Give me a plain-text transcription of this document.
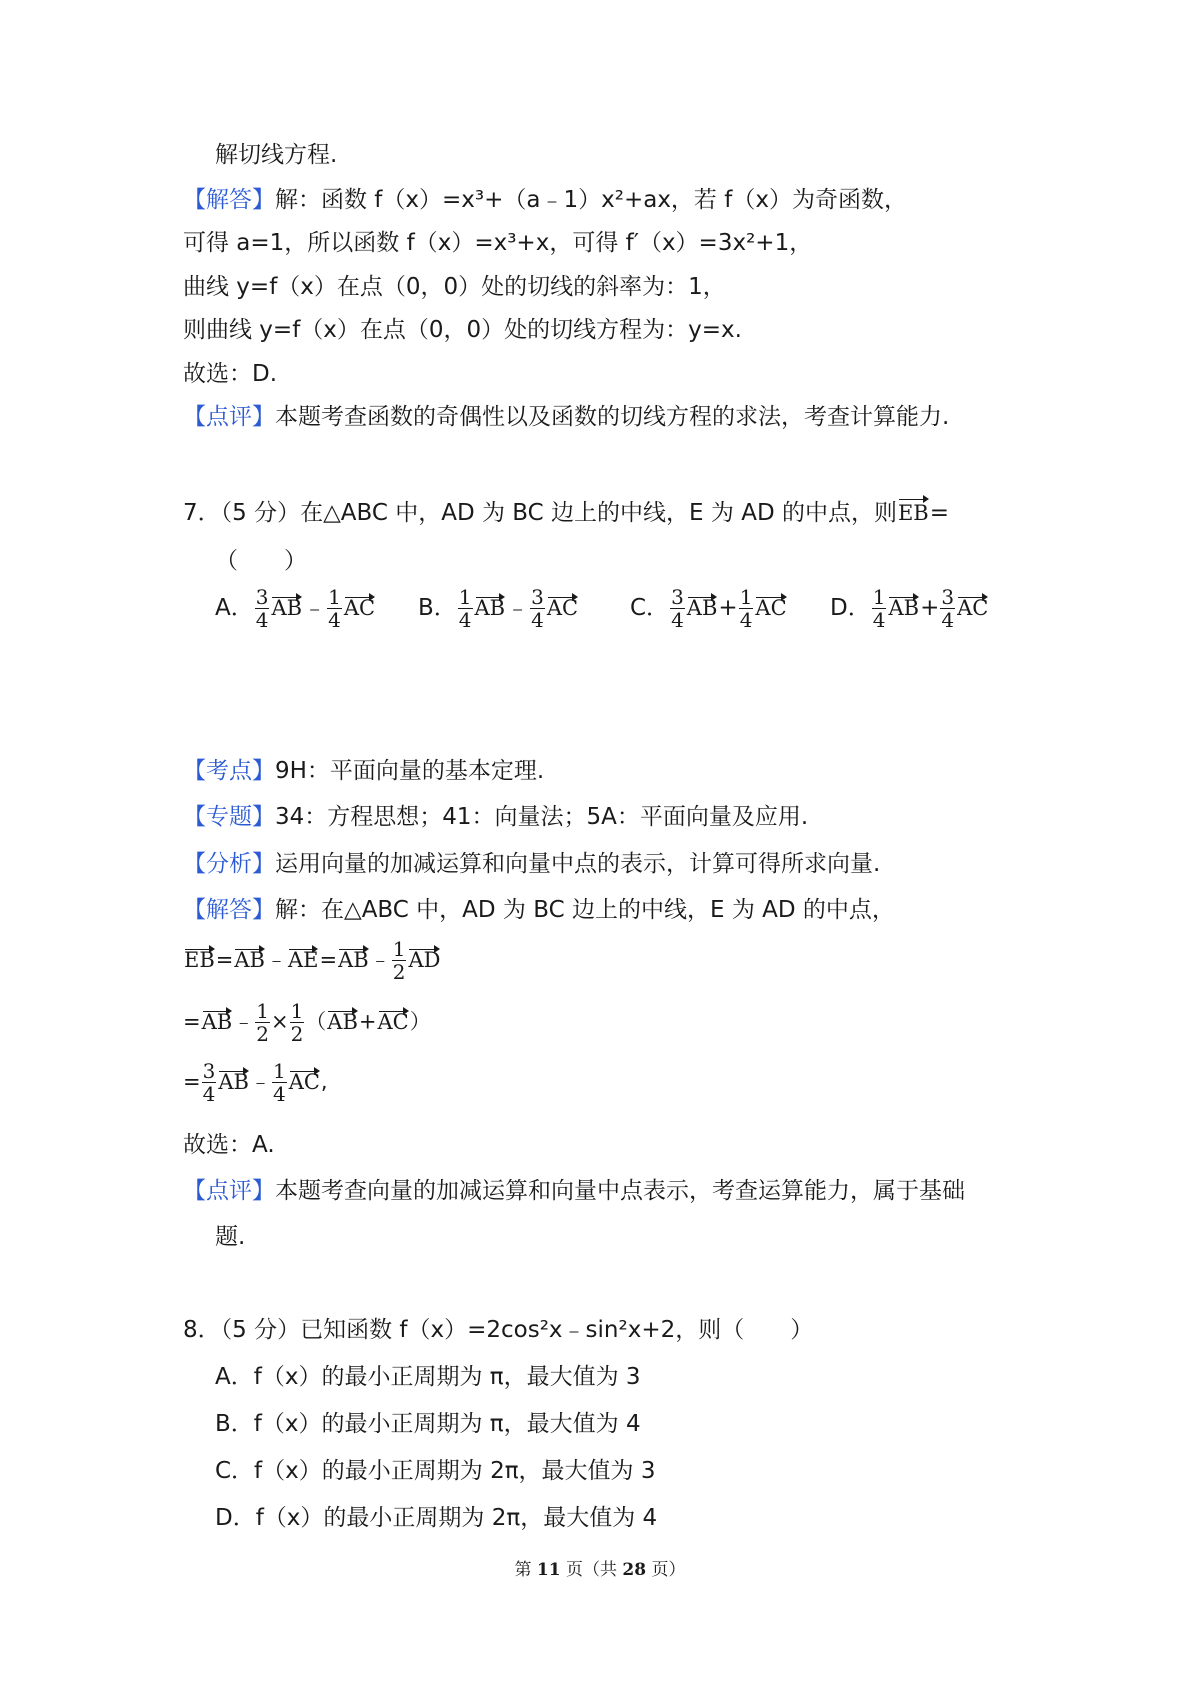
解切线方程.
【解答】解：函数 f（x）=x³+（a﹣1）x²+ax，若 f（x）为奇函数，
可得 a=1，所以函数 f（x）=x³+x，可得 f′（x）=3x²+1，
曲线 y=f（x）在点（0，0）处的切线的斜率为：1，
则曲线 y=f（x）在点（0，0）处的切线方程为：y=x.
故选：D.
【点评】本题考查函数的奇偶性以及函数的切线方程的求法，考查计算能力.
7．（5 分）在△ABC 中，AD 为 BC 边上的中线，E 为 AD 的中点，则EB=
（　　）
A． $\frac{3}{4}$ AB﹣ $\frac{1}{4}$ AC B． $\frac{1}{4}$ AB﹣ $\frac{3}{4}$ AC C． $\frac{3}{4} AB+ \frac{1}{4}$ AC D． $\frac{1}{4} AB+ \frac{3}{4}$ AC
【考点】9H：平面向量的基本定理.
【专题】34：方程思想；41：向量法；5A：平面向量及应用.
【分析】运用向量的加减运算和向量中点的表示，计算可得所求向量.
【解答】解：在△ABC 中，AD 为 BC 边上的中线，E 为 AD 的中点，
EB=AB﹣AE=AB﹣ $\frac{1}{2}$ AD
=AB﹣ $\frac{1}{2} \times \frac{1}{2} (AB+AC)$
= $\frac{3}{4}$ AB﹣ $\frac{1}{4}$ AC,
故选：A.
【点评】本题考查向量的加减运算和向量中点表示，考查运算能力，属于基础
题.
8．（5 分）已知函数 f（x）=2cos²x﹣sin²x+2，则（　　）
A．f（x）的最小正周期为 π，最大值为 3
B．f（x）的最小正周期为 π，最大值为 4
C．f（x）的最小正周期为 2π，最大值为 3
D．f（x）的最小正周期为 2π，最大值为 4
第 11 页（共 28 页）
